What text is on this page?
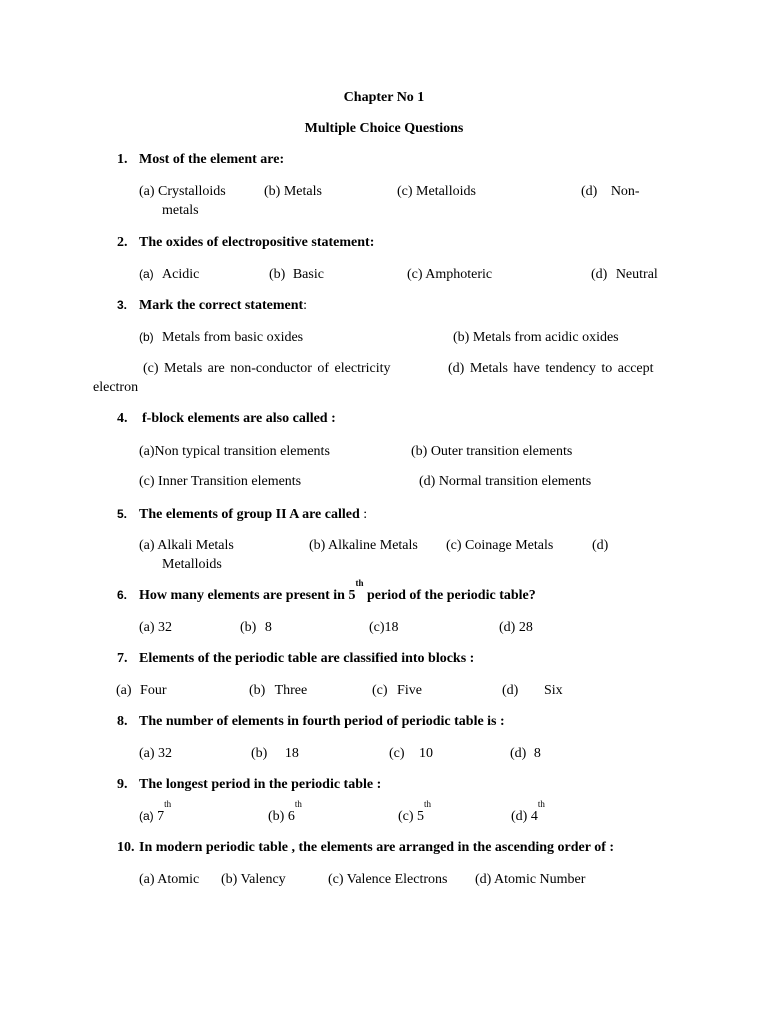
Chapter No 1
Multiple Choice Questions
1. Most of the element are:
(a) Crystalloids	(b) Metals	(c) Metalloids	(d) Non-
metals
2. The oxides of electropositive statement:
(a) Acidic	(b) Basic	(c) Amphoteric	(d) Neutral
3. Mark the correct statement:
(b) Metals from basic oxides	(b) Metals from acidic oxides
(c) Metals are non-conductor of electricity	(d) Metals have tendency to accept
electron
4. f-block elements are also called :
(a)Non typical transition elements	(b) Outer transition elements
(c) Inner Transition elements	(d) Normal transition elements
5. The elements of group II A are called :
(a) Alkali Metals	(b) Alkaline Metals (c) Coinage Metals	(d)
Metalloids
6. How many elements are present in 5th period of the periodic table?
(a) 32	(b) 8	(c)18	(d) 28
7. Elements of the periodic table are classified into blocks :
(a) Four	(b) Three	(c) Five	(d) Six
8. The number of elements in fourth period of periodic table is :
(a) 32	(b) 18	(c) 10	(d) 8
9. The longest period in the periodic table :
(a) 7th
(b) 6th
(c) 5th
(d) 4th
10. In modern periodic table , the elements are arranged in the ascending order of :
(a) Atomic (b) Valency	(c) Valence Electrons (d) Atomic Number
